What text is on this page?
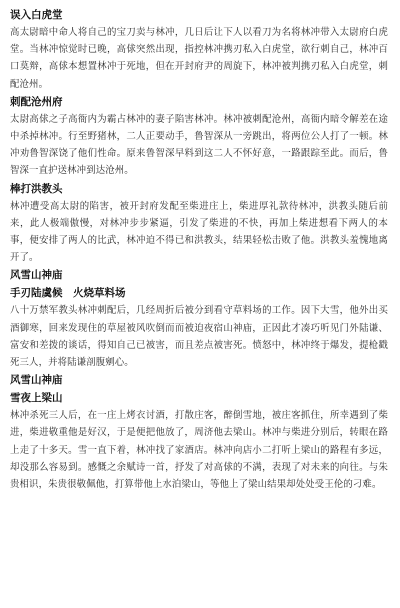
误入白虎堂

高太尉暗中命人将自己的宝刀卖与林冲，几日后让下人以看刀为名将林冲带入太尉府白虎堂。当林冲惊觉时已晚，高俅突然出现，指控林冲携刃私入白虎堂，欲行刺自己，林冲百口莫辩，高俅本想置林冲于死地，但在开封府尹的周旋下，林冲被判携刃私入白虎堂，刺配沧州。

刺配沧州府

太尉高俅之子高衙内为霸占林冲的妻子陷害林冲。林冲被刺配沧州，高衙内暗令解差在途中杀掉林冲。行至野猪林，二人正要动手，鲁智深从一旁跳出，将两位公人打了一顿。林冲劝鲁智深饶了他们性命。原来鲁智深早料到这二人不怀好意，一路跟踪至此。而后，鲁智深一直护送林冲到达沧州。

棒打洪教头

林冲遭受高太尉的陷害，被开封府发配至柴进庄上，柴进厚礼款待林冲，洪教头随后前来，此人极端傲慢，对林冲步步紧逼，引发了柴进的不快，再加上柴进想看下两人的本事，便安排了两人的比武，林冲迫不得已和洪教头，结果轻松击败了他。洪教头羞愧地离开了。

风雪山神庙
手刃陆虞候　火烧草料场

八十万禁军教头林冲刺配后，几经周折后被分到看守草料场的工作。因下大雪，他外出买酒御寒，回来发现住的草屋被风吹倒而而被迫夜宿山神庙，正因此才凑巧听见门外陆谦、富安和差拨的谈话，得知自己已被害，而且差点被害死。愤怒中，林冲终于爆发，提枪戳死三人，并将陆谦剖腹剜心。

风雪山神庙
雪夜上梁山

林冲杀死三人后，在一庄上烤衣讨酒，打散庄客，醉倒雪地，被庄客抓住，所幸遇到了柴进，柴进敬重他是好汉，于是便把他放了，周济他去梁山。林冲与柴进分别后，转眼在路上走了十多天。雪一直下着，林冲找了家酒店。林冲向店小二打听上梁山的路程有多远，却没那么容易到。感慨之余赋诗一首，抒发了对高俅的不满，表现了对未来的向往。与朱贵相识，朱贵很敬佩他，打算带他上水泊梁山，等他上了梁山结果却处处受王伦的刁难。
